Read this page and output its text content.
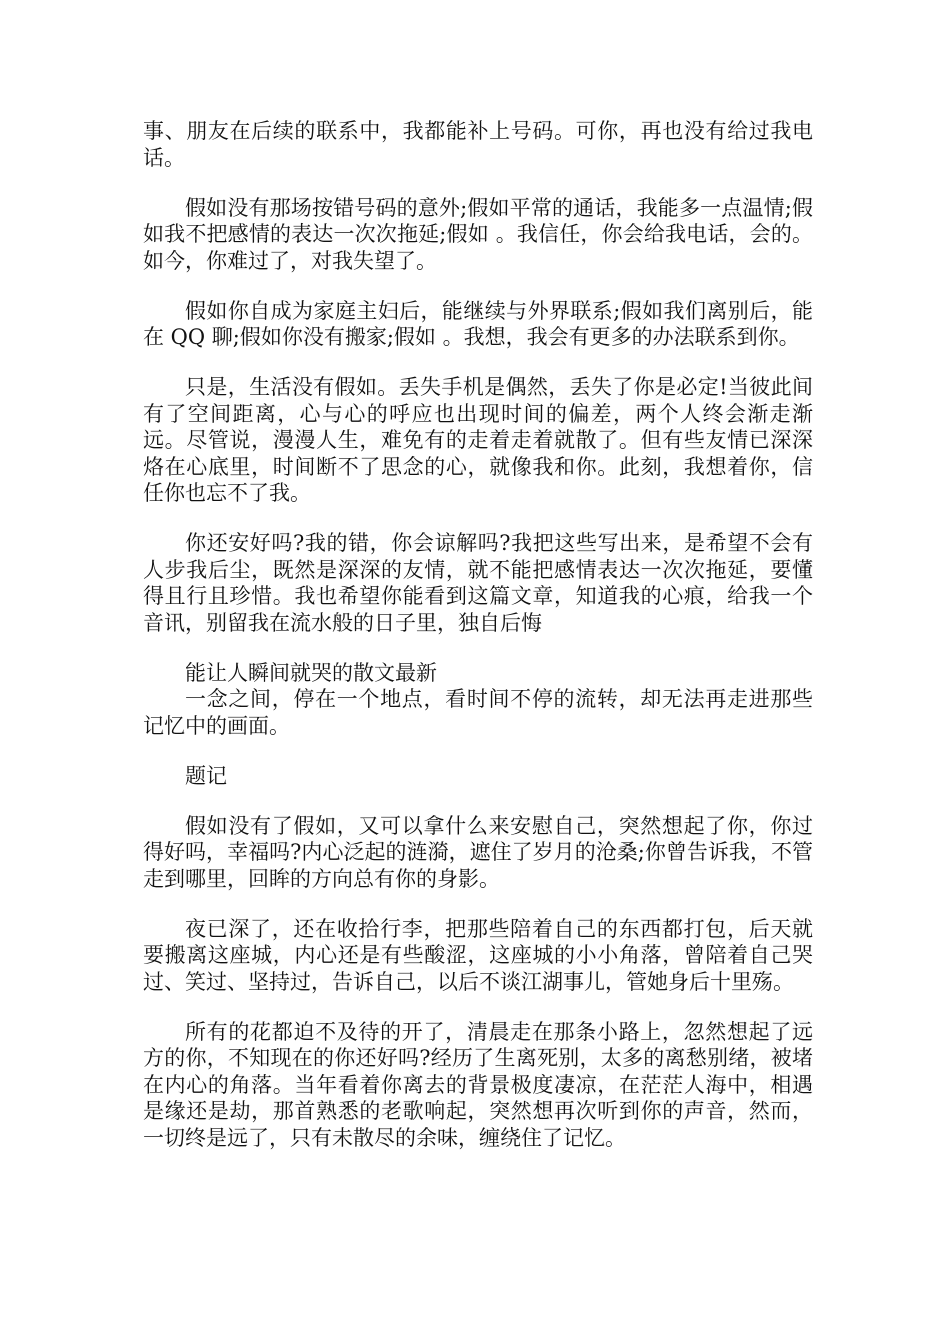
事、朋友在后续的联系中，我都能补上号码。可你，再也没有给过我电话。

假如没有那场按错号码的意外;假如平常的通话，我能多一点温情;假如我不把感情的表达一次次拖延;假如 。我信任，你会给我电话，会的。如今，你难过了，对我失望了。

假如你自成为家庭主妇后，能继续与外界联系;假如我们离别后，能在 QQ 聊;假如你没有搬家;假如 。我想，我会有更多的办法联系到你。

只是，生活没有假如。丢失手机是偶然，丢失了你是必定!当彼此间有了空间距离，心与心的呼应也出现时间的偏差，两个人终会渐走渐远。尽管说，漫漫人生，难免有的走着走着就散了。但有些友情已深深烙在心底里，时间断不了思念的心，就像我和你。此刻，我想着你，信任你也忘不了我。

你还安好吗?我的错，你会谅解吗?我把这些写出来，是希望不会有人步我后尘，既然是深深的友情，就不能把感情表达一次次拖延，要懂得且行且珍惜。我也希望你能看到这篇文章，知道我的心痕，给我一个音讯，别留我在流水般的日子里，独自后悔

能让人瞬间就哭的散文最新

一念之间，停在一个地点，看时间不停的流转，却无法再走进那些记忆中的画面。

题记

假如没有了假如，又可以拿什么来安慰自己，突然想起了你，你过得好吗，幸福吗?内心泛起的涟漪，遮住了岁月的沧桑;你曾告诉我，不管走到哪里，回眸的方向总有你的身影。

夜已深了，还在收拾行李，把那些陪着自己的东西都打包，后天就要搬离这座城，内心还是有些酸涩，这座城的小小角落，曾陪着自己哭过、笑过、坚持过，告诉自己，以后不谈江湖事儿，管她身后十里殇。

所有的花都迫不及待的开了，清晨走在那条小路上，忽然想起了远方的你，不知现在的你还好吗?经历了生离死别，太多的离愁别绪，被堵在内心的角落。当年看着你离去的背景极度凄凉，在茫茫人海中，相遇是缘还是劫，那首熟悉的老歌响起，突然想再次听到你的声音，然而，一切终是远了，只有未散尽的余味，缠绕住了记忆。
